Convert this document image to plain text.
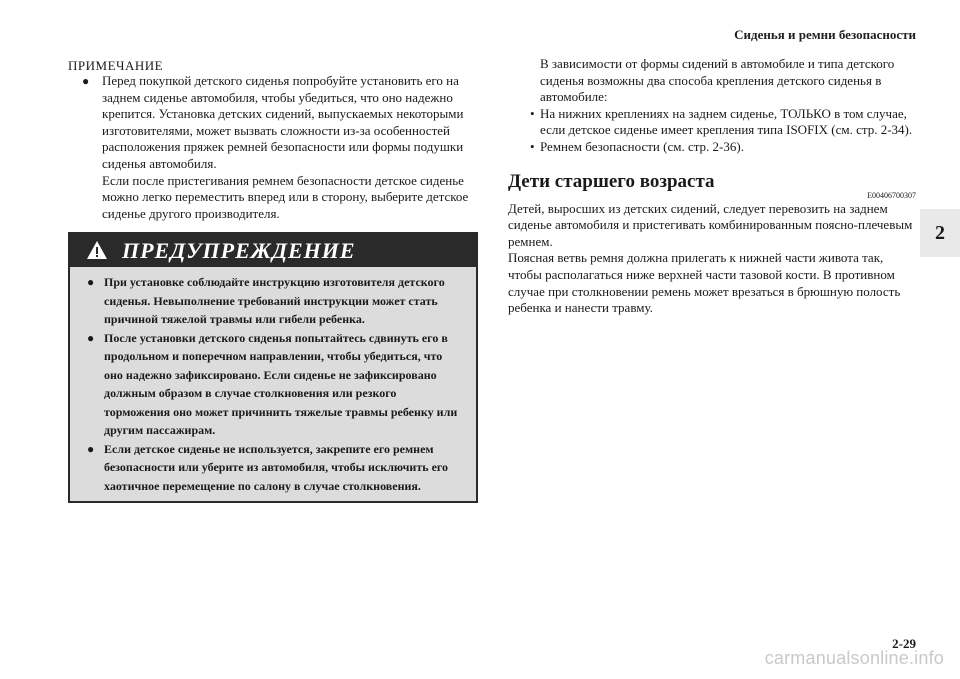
Сиденья и ремни безопасности
2
ПРИМЕЧАНИЕ
● Перед покупкой детского сиденья попробуйте установить его на заднем сиденье автомобиля, чтобы убедиться, что оно надежно крепится. Установка детских сидений, выпускаемых некоторыми изготовителями, может вызвать сложности из-за особенностей расположения пряжек ремней безопасности или формы подушки сиденья автомобиля.

Если после пристегивания ремнем безопасности детское сиденье можно легко переместить вперед или в сторону, выберите детское сиденье другого производителя.

ПРЕДУПРЕЖДЕНИЕ
● При установке соблюдайте инструкцию изготовителя детского сиденья. Невыполнение требований инструкции может стать причиной тяжелой травмы или гибели ребенка.
● После установки детского сиденья попытайтесь сдвинуть его в продольном и поперечном направлении, чтобы убедиться, что оно надежно зафиксировано. Если сиденье не зафиксировано должным образом в случае столкновения или резкого торможения оно может причинить тяжелые травмы ребенку или другим пассажирам.
● Если детское сиденье не используется, закрепите его ремнем безопасности или уберите из автомобиля, чтобы исключить его хаотичное перемещение по салону в случае столкновения.

В зависимости от формы сидений в автомобиле и типа детского сиденья возможны два способа крепления детского сиденья в автомобиле:

• На нижних креплениях на заднем сиденье, ТОЛЬКО в том случае, если детское сиденье имеет крепления типа ISOFIX (см. стр. 2-34).
• Ремнем безопасности (см. стр. 2-36).
Дети старшего возраста
E00406700307

Детей, выросших из детских сидений, следует перевозить на заднем сиденье автомобиля и пристегивать комбинированным поясно-плечевым ремнем.

Поясная ветвь ремня должна прилегать к нижней части живота так, чтобы располагаться ниже верхней части тазовой кости. В противном случае при столкновении ремень может врезаться в брюшную полость ребенка и нанести травму.

2-29
carmanualsonline.info
